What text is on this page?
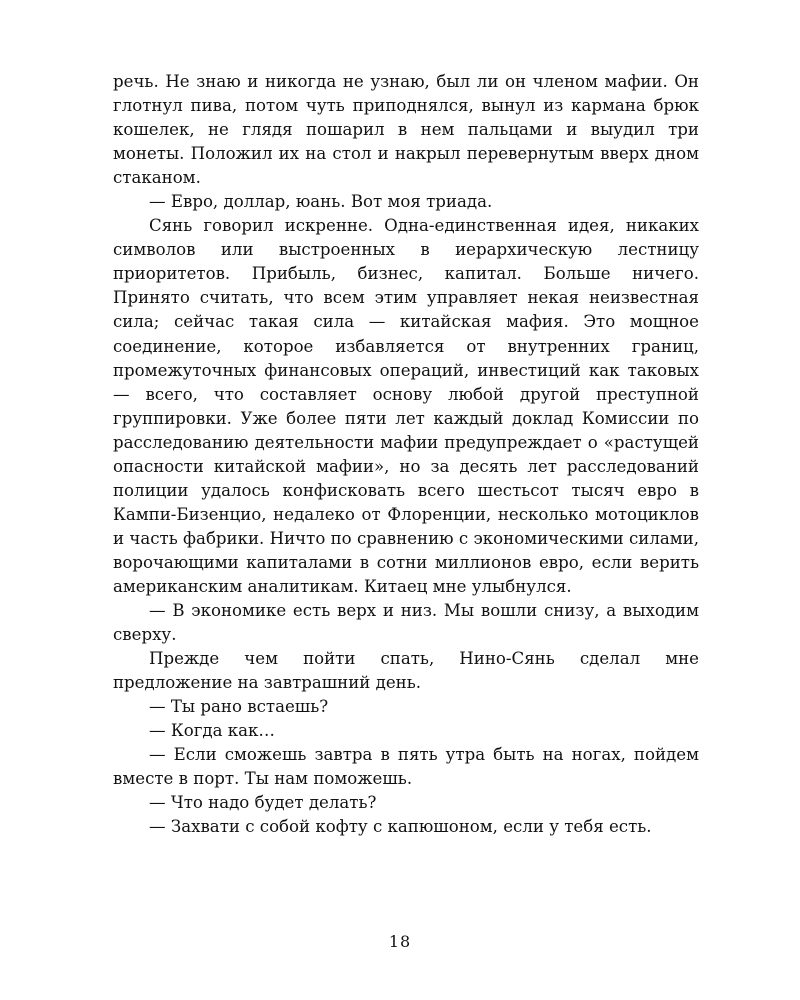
речь. Не знаю и никогда не узнаю, был ли он членом мафии. Он глотнул пива, потом чуть приподнялся, вынул из кармана брюк кошелек, не глядя пошарил в нем пальцами и выудил три монеты. Положил их на стол и накрыл перевернутым вверх дном стаканом.

— Евро, доллар, юань. Вот моя триада.

Сянь говорил искренне. Одна-единственная идея, никаких символов или выстроенных в иерархическую лестницу приоритетов. Прибыль, бизнес, капитал. Больше ничего. Принято считать, что всем этим управляет некая неизвестная сила; сейчас такая сила — китайская мафия. Это мощное соединение, которое избавляется от внутренних границ, промежуточных финансовых операций, инвестиций как таковых — всего, что составляет основу любой другой преступной группировки. Уже более пяти лет каждый доклад Комиссии по расследованию деятельности мафии предупреждает о «растущей опасности китайской мафии», но за десять лет расследований полиции удалось конфисковать всего шестьсот тысяч евро в Кампи-Бизенцио, недалеко от Флоренции, несколько мотоциклов и часть фабрики. Ничто по сравнению с экономическими силами, ворочающими капиталами в сотни миллионов евро, если верить американским аналитикам. Китаец мне улыбнулся.

— В экономике есть верх и низ. Мы вошли снизу, а выходим сверху.

Прежде чем пойти спать, Нино-Сянь сделал мне предложение на завтрашний день.

— Ты рано встаешь?

— Когда как…

— Если сможешь завтра в пять утра быть на ногах, пойдем вместе в порт. Ты нам поможешь.

— Что надо будет делать?

— Захвати с собой кофту с капюшоном, если у тебя есть.

18
